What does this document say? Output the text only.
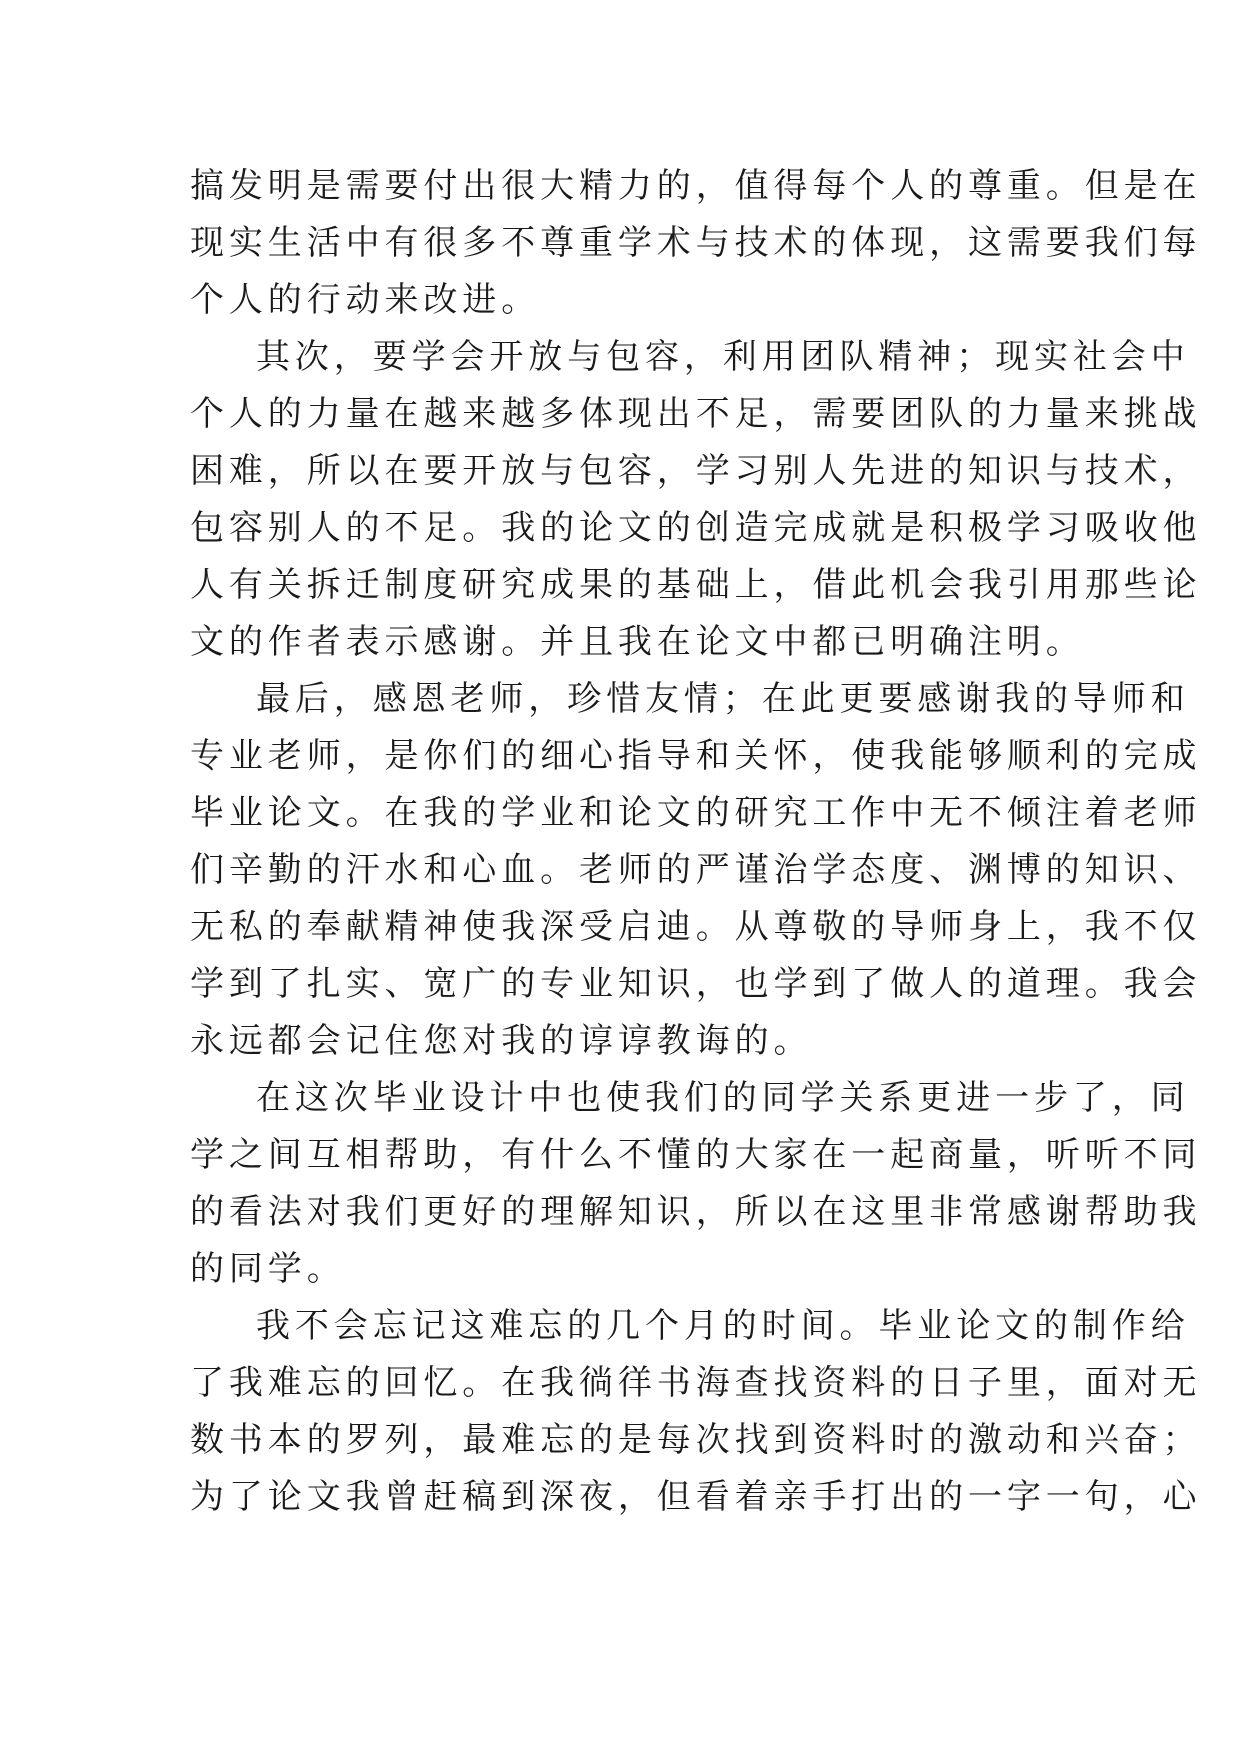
搞发明是需要付出很大精力的，值得每个人的尊重。但是在
现实生活中有很多不尊重学术与技术的体现，这需要我们每
个人的行动来改进。
其次，要学会开放与包容，利用团队精神；现实社会中
个人的力量在越来越多体现出不足，需要团队的力量来挑战
困难，所以在要开放与包容，学习别人先进的知识与技术，
包容别人的不足。我的论文的创造完成就是积极学习吸收他
人有关拆迁制度研究成果的基础上，借此机会我引用那些论
文的作者表示感谢。并且我在论文中都已明确注明。
最后，感恩老师，珍惜友情；在此更要感谢我的导师和
专业老师，是你们的细心指导和关怀，使我能够顺利的完成
毕业论文。在我的学业和论文的研究工作中无不倾注着老师
们辛勤的汗水和心血。老师的严谨治学态度、渊博的知识、
无私的奉献精神使我深受启迪。从尊敬的导师身上，我不仅
学到了扎实、宽广的专业知识，也学到了做人的道理。我会
永远都会记住您对我的谆谆教诲的。
在这次毕业设计中也使我们的同学关系更进一步了，同
学之间互相帮助，有什么不懂的大家在一起商量，听听不同
的看法对我们更好的理解知识，所以在这里非常感谢帮助我
的同学。
我不会忘记这难忘的几个月的时间。毕业论文的制作给
了我难忘的回忆。在我徜徉书海查找资料的日子里，面对无
数书本的罗列，最难忘的是每次找到资料时的激动和兴奋；
为了论文我曾赶稿到深夜，但看着亲手打出的一字一句，心
